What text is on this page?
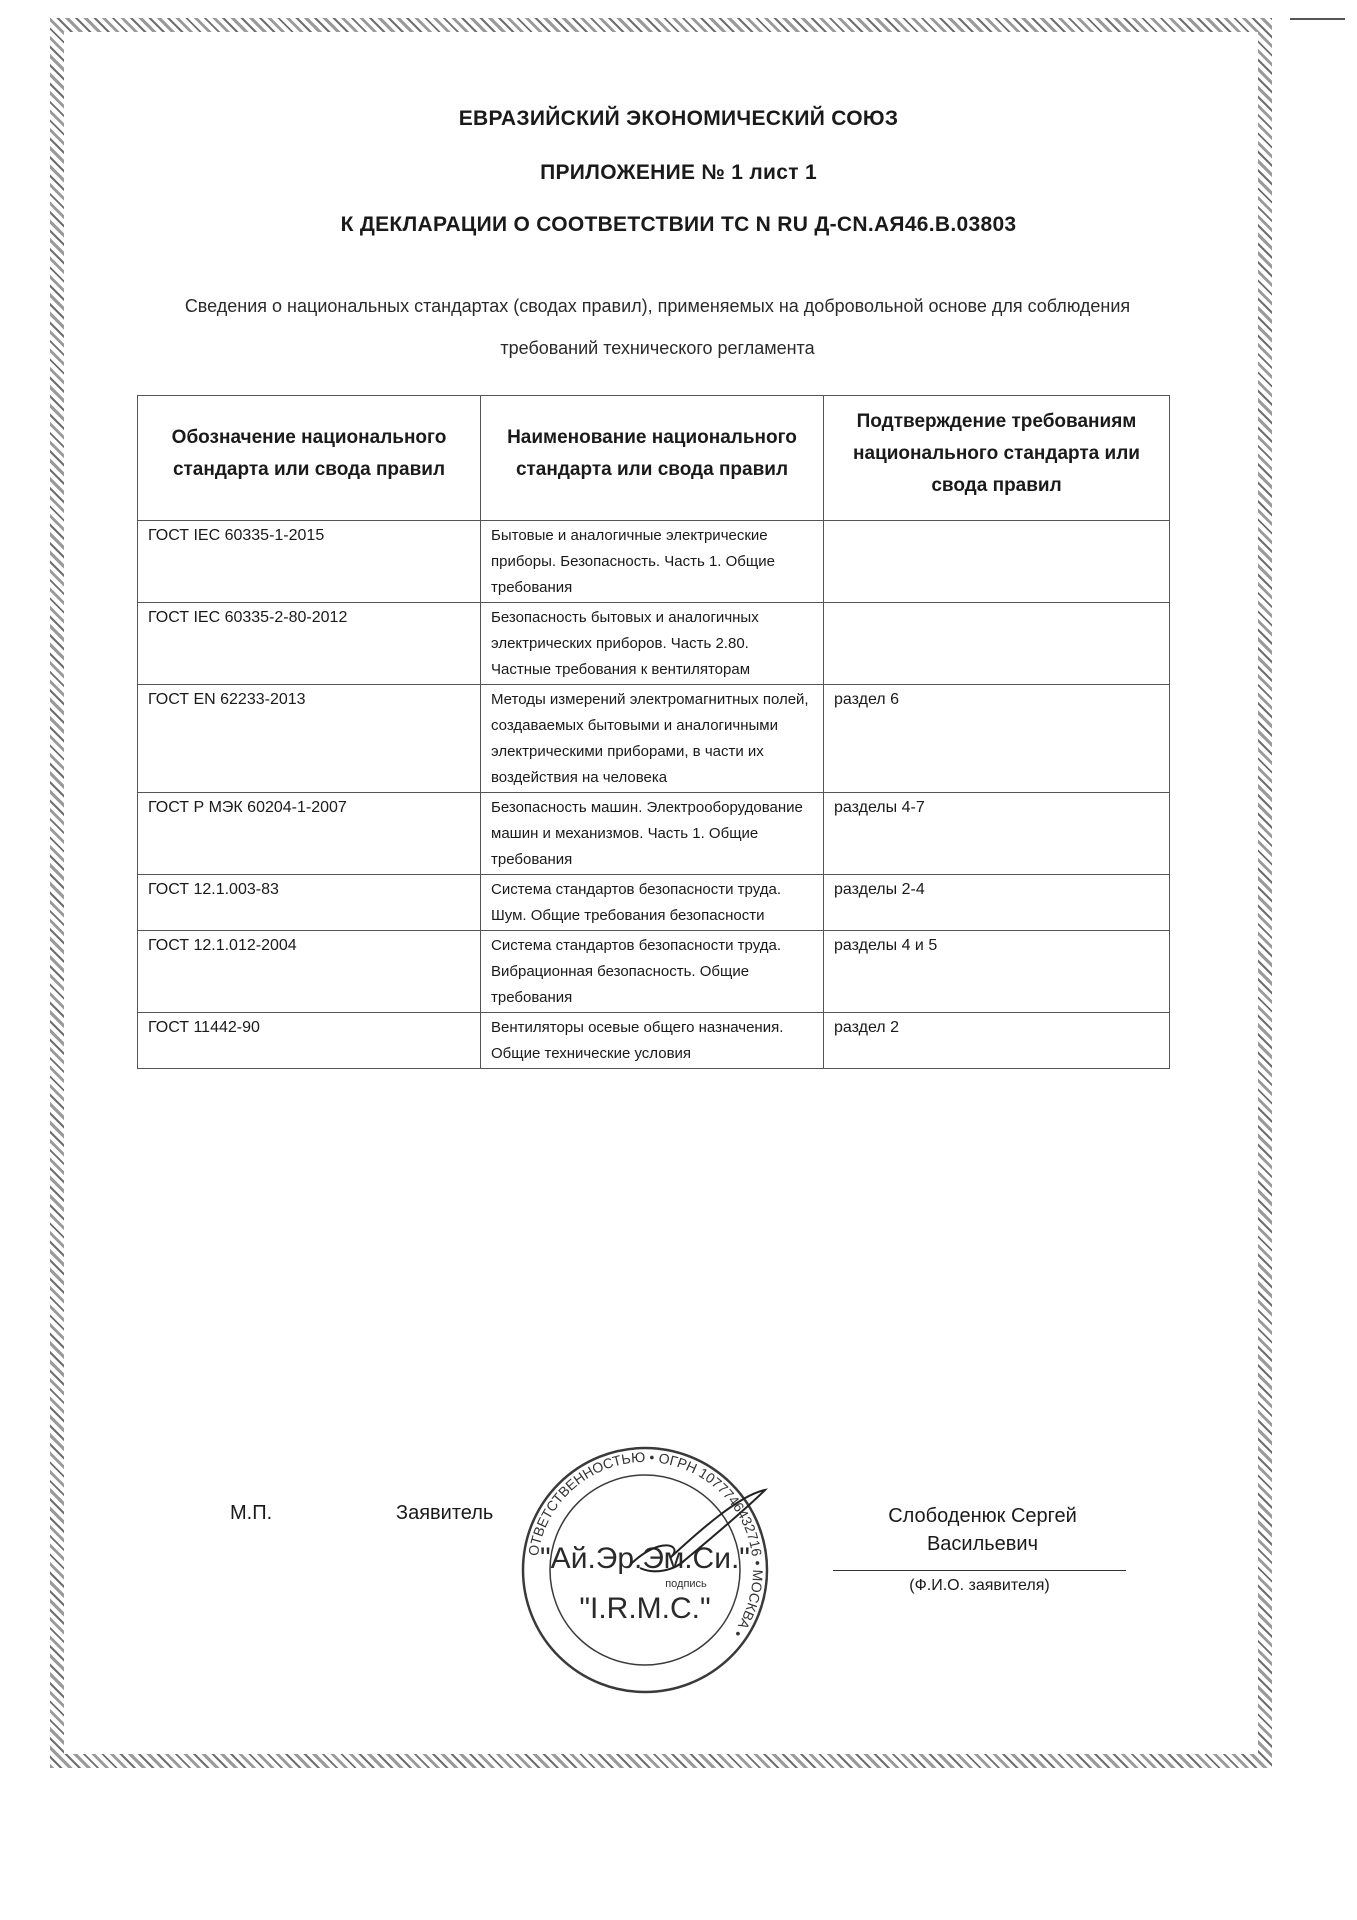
ЕВРАЗИЙСКИЙ ЭКОНОМИЧЕСКИЙ СОЮЗ
ПРИЛОЖЕНИЕ № 1 лист 1
К ДЕКЛАРАЦИИ О СООТВЕТСТВИИ ТС N RU Д-CN.АЯ46.В.03803
Сведения о национальных стандартах (сводах правил), применяемых на добровольной основе для соблюдения требований технического регламента
Обозначение национального стандарта или свода правил	Наименование национального стандарта или свода правил	Подтверждение требованиям национального стандарта или свода правил
ГОСТ IEC 60335-1-2015	Бытовые и аналогичные электрические приборы. Безопасность. Часть 1. Общие требования	
ГОСТ IEC 60335-2-80-2012	Безопасность бытовых и аналогичных электрических приборов. Часть 2.80. Частные требования к вентиляторам	
ГОСТ EN 62233-2013	Методы измерений электромагнитных полей, создаваемых бытовыми и аналогичными электрическими приборами, в части их воздействия на человека	раздел 6
ГОСТ Р МЭК 60204-1-2007	Безопасность машин. Электрооборудование машин и механизмов. Часть 1. Общие требования	разделы 4-7
ГОСТ 12.1.003-83	Система стандартов безопасности труда. Шум. Общие требования безопасности	разделы 2-4
ГОСТ 12.1.012-2004	Система стандартов безопасности труда. Вибрационная безопасность. Общие требования	разделы 4 и 5
ГОСТ 11442-90	Вентиляторы осевые общего назначения. Общие технические условия	раздел 2
М.П.	Заявитель	Слободенюк Сергей
Васильевич
(Ф.И.О. заявителя)
ОТВЕТСТВЕННОСТЬЮ • ОГРН 1077746432716 • МОСКВА •
"Ай.Эр.Эм.Си."
подпись
"I.R.M.C."
